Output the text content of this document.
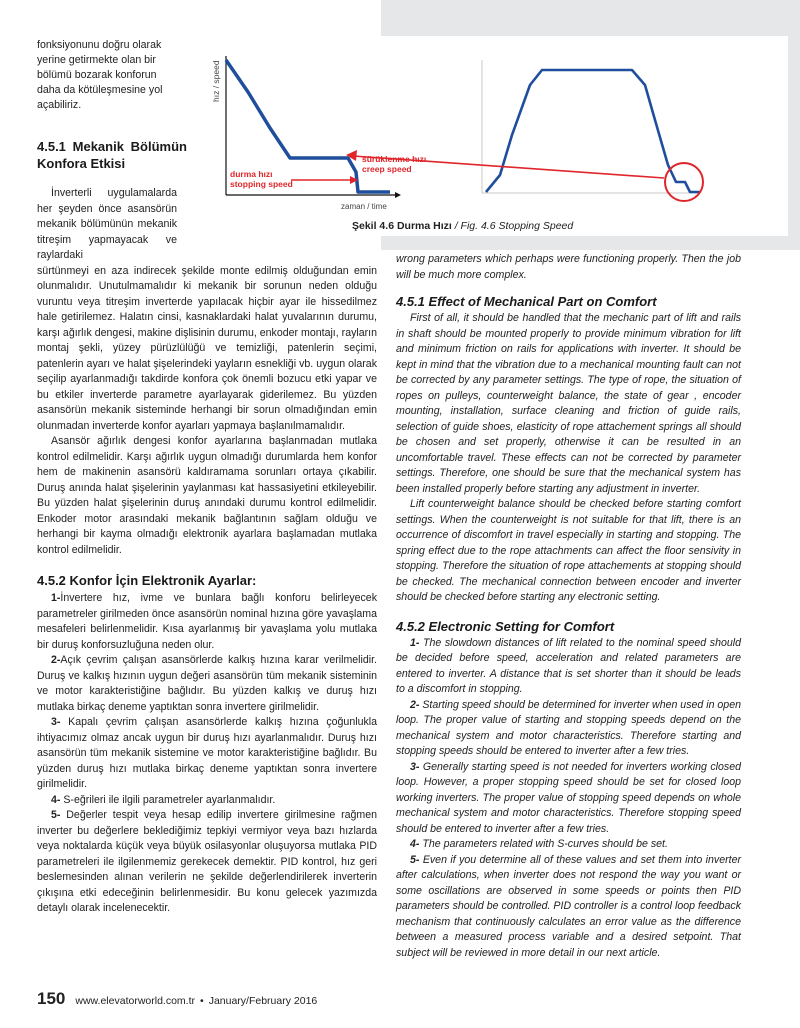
fonksiyonunu doğru olarak yerine getirmekte olan bir bölümü bozarak konforun daha da kötüleşmesine yol açabiliriz.
hız / speed
zaman / time
sürüklenme hızı
creep speed
durma hızı
stopping speed
Şekil 4.6 Durma Hızı / Fig. 4.6 Stopping Speed
4.5.1 Mekanik Bölümün Konfora Etkisi

İnverterli uygulamalarda her şeyden önce asansörün mekanik bölümünün mekanik titreşim yapmayacak ve raylardaki

sürtünmeyi en aza indirecek şekilde monte edilmiş olduğundan emin olunmalıdır. Unutulmamalıdır ki mekanik bir sorunun neden olduğu vuruntu veya titreşim inverterde yapılacak hiçbir ayar ile hissedilmez hale getirilemez. Halatın cinsi, kasnaklardaki halat yuvalarının durumu, karşı ağırlık dengesi, makine dişlisinin durumu, enkoder montajı, rayların montaj şekli, yüzey pürüzlülüğü ve temizliği, patenlerin seçimi, patenlerin ayarı ve halat şişelerindeki yayların esnekliği vb. uygun olarak seçilip ayarlanmadığı takdirde konfora çok önemli bozucu etki yapar ve bu etkiler inverterde parametre ayarlayarak giderilemez. Bu yüzden asansörün mekanik sisteminde herhangi bir sorun olmadığından emin olunmadan inverterde konfor ayarları yapmaya başlanılmamalıdır.

Asansör ağırlık dengesi konfor ayarlarına başlanmadan mutlaka kontrol edilmelidir. Karşı ağırlık uygun olmadığı durumlarda hem konfor hem de makinenin asansörü kaldıramama sorunları ortaya çıkabilir. Duruş anında halat şişelerinin yaylanması kat hassasiyetini etkileyebilir. Bu yüzden halat şişelerinin duruş anındaki durumu kontrol edilmelidir. Enkoder motor arasındaki mekanik bağlantının sağlam olduğu ve herhangi bir kayma olmadığı elektronik ayarlara başlamadan mutlaka kontrol edilmelidir.

4.5.2 Konfor İçin Elektronik Ayarlar:

1-İnvertere hız, ivme ve bunlara bağlı konforu belirleyecek parametreler girilmeden önce asansörün nominal hızına göre yavaşlama mesafeleri belirlenmelidir. Kısa ayarlanmış bir yavaşlama yolu mutlaka bir duruş konforsuzluğuna neden olur.

2-Açık çevrim çalışan asansörlerde kalkış hızına karar verilmelidir. Duruş ve kalkış hızının uygun değeri asansörün tüm mekanik sisteminin ve motor karakteristiğine bağlıdır. Bu yüzden kalkış ve duruş hızı mutlaka birkaç deneme yaptıktan sonra invertere girilmelidir.

3- Kapalı çevrim çalışan asansörlerde kalkış hızına çoğunlukla ihtiyacımız olmaz ancak uygun bir duruş hızı ayarlanmalıdır. Duruş hızı asansörün tüm mekanik sistemine ve motor karakteristiğine bağlıdır. Bu yüzden duruş hızı mutlaka birkaç deneme yaptıktan sonra invertere girilmelidir.

4- S-eğrileri ile ilgili parametreler ayarlanmalıdır.

5- Değerler tespit veya hesap edilip invertere girilmesine rağmen inverter bu değerlere beklediğimiz tepkiyi vermiyor veya bazı hızlarda veya noktalarda küçük veya büyük osilasyonlar oluşuyorsa mutlaka PID parametreleri ile ilgilenmemiz gerekecek demektir. PID kontrol, hız geri beslemesinden alınan verilerin ne şekilde değerlendirilerek inverterin çıkışına etki edeceğinin belirlenmesidir. Bu konu gelecek yazımızda detaylı olarak incelenecektir.

wrong parameters which perhaps were functioning properly. Then the job will be much more complex.

4.5.1 Effect of Mechanical Part on Comfort

First of all, it should be handled that the mechanic part of lift and rails in shaft should be mounted properly to provide minimum vibration for lift and minimum friction on rails for applications with inverter. It should be kept in mind that the vibration due to a mechanical mounting fault can not be corrected by any parameter settings. The type of rope, the situation of ropes on pulleys, counterweight balance, the state of gear , encoder mounting, installation, surface cleaning and friction of guide rails, selection of guide shoes, elasticity of rope attachement springs all should be chosen and set properly, otherwise it can be resulted in an uncomfortable travel. These effects can not be corrected by parameter settings. Therefore, one should be sure that the mechanical system has been installed properly before starting any adjustment in inverter.

Lift counterweight balance should be checked before starting comfort settings. When the counterweight is not suitable for that lift, there is an occurrence of discomfort in travel especially in starting and stopping. The spring effect due to the rope attachments can affect the floor sensivity in stopping. Therefore the situation of rope attachements at stopping should be checked. The mechanical connection between encoder and inverter should be checked before starting any electronic setting.

4.5.2 Electronic Setting for Comfort

1- The slowdown distances of lift related to the nominal speed should be decided before speed, acceleration and related parameters are entered to inverter. A distance that is set shorter than it should be leads to a discomfort in stopping.

2- Starting speed should be determined for inverter when used in open loop. The proper value of starting and stopping speeds depend on the mechanical system and motor characteristics. Therefore starting and stopping speeds should be entered to inverter after a few tries.

3- Generally starting speed is not needed for inverters working closed loop. However, a proper stopping speed should be set for closed loop working inverters. The proper value of stopping speed depends on whole mechanical system and motor characteristics. Therefore stopping speed should be entered to inverter after a few tries.

4- The parameters related with S-curves should be set.

5- Even if you determine all of these values and set them into inverter after calculations, when inverter does not respond the way you want or some oscillations are observed in some speeds or points then PID parameters should be controlled. PID controller is a control loop feedback mechanism that continuously calculates an error value as the difference between a measured process variable and a desired setpoint. That subject will be reviewed in more detail in our next article.

150 www.elevatorworld.com.tr • January/February 2016
